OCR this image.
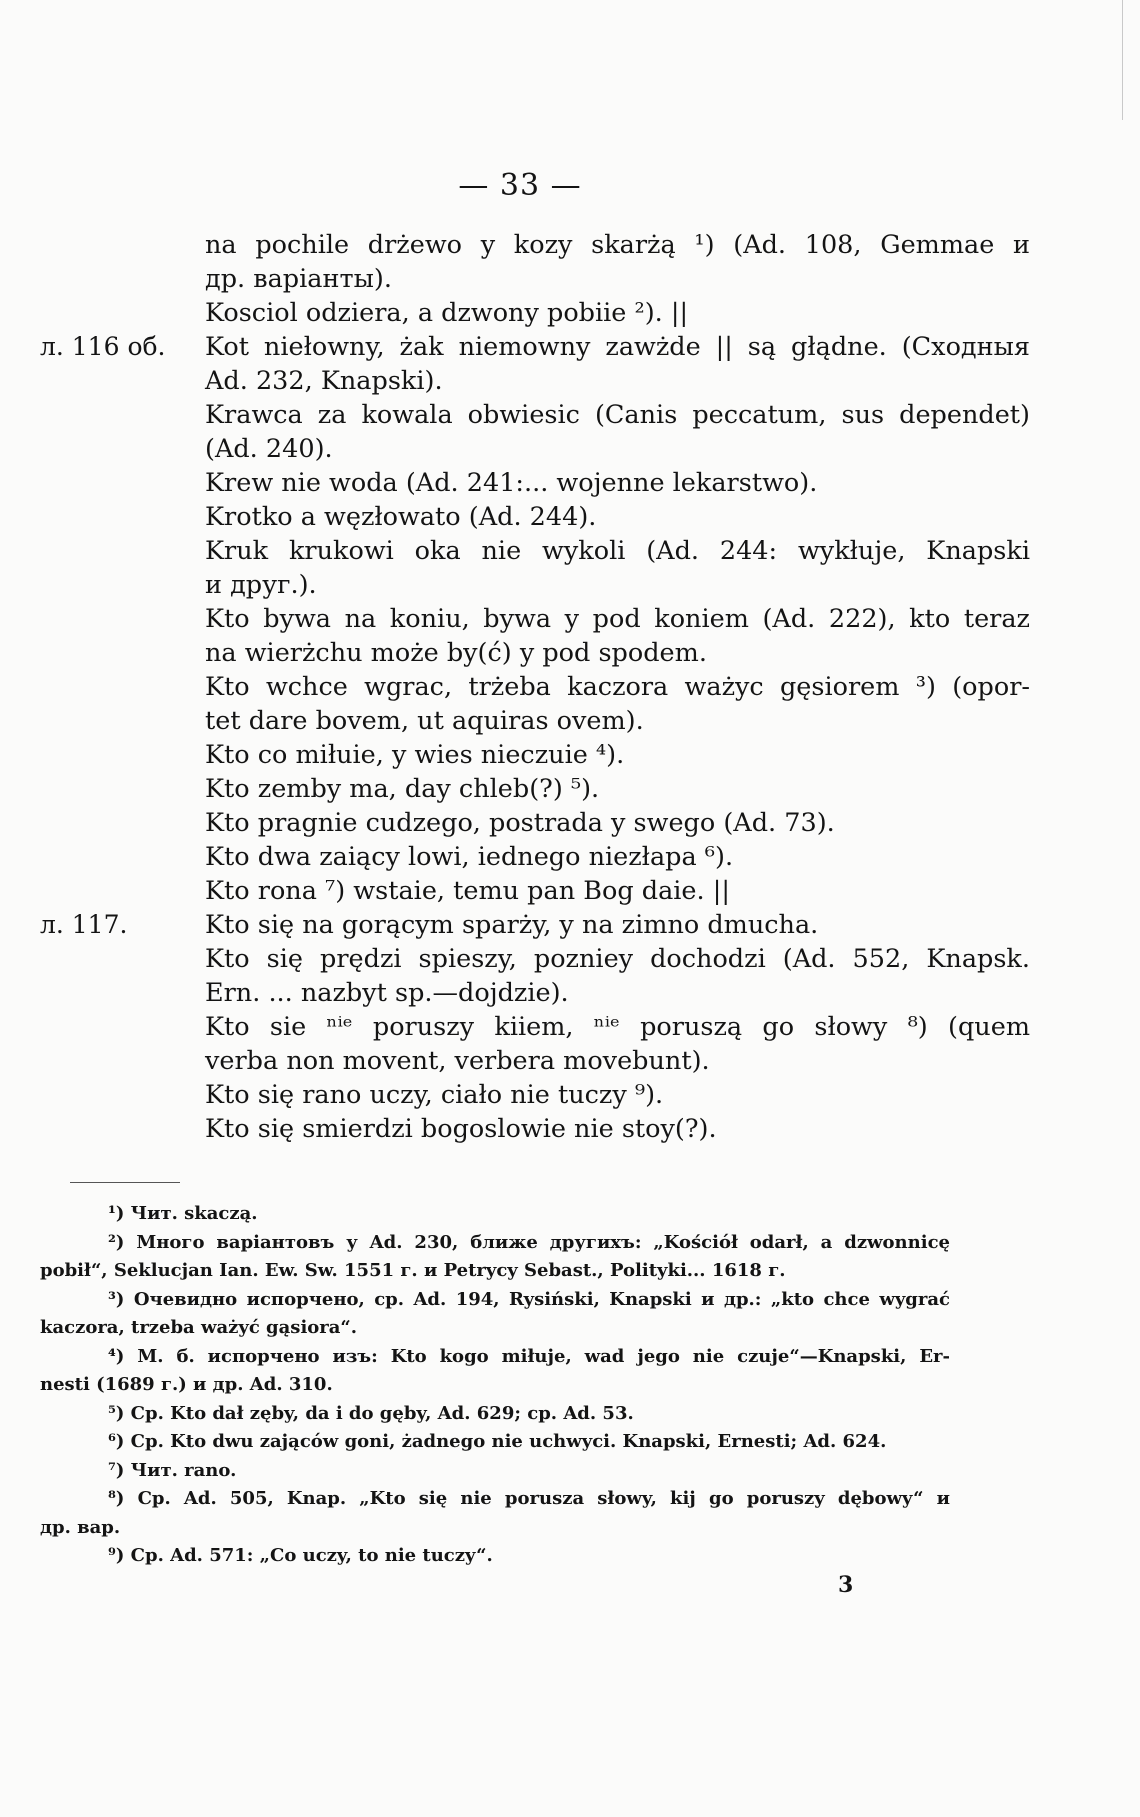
— 33 —
na pochile drżewo y kozy skarżą ¹) (Ad. 108, Gemmae и
др. варіанты).
Kosciol odziera, a dzwony pobiie ²). ||
л. 116 об. Kot niełowny, żak niemowny zawżde || są głądne. (Сходныя
Ad. 232, Knapski).
Krawca za kowala obwiesic (Canis peccatum, sus dependet)
(Ad. 240).
Krew nie woda (Ad. 241:... wojenne lekarstwo).
Krotko a węzłowato (Ad. 244).
Kruk krukowi oka nie wykoli (Ad. 244: wykłuje, Knapski
и друг.).
Kto bywa na koniu, bywa y pod koniem (Ad. 222), kto teraz
na wierżchu może by(ć) y pod spodem.
Kto wchce wgrac, trżeba kaczora ważyc gęsiorem ³) (opor-
tet dare bovem, ut aquiras ovem).
Kto co miłuie, y wies nieczuie ⁴).
Kto zemby ma, day chleb(?) ⁵).
Kto pragnie cudzego, postrada y swego (Ad. 73).
Kto dwa zaiący lowi, iednego niezłapa ⁶).
Kto rona ⁷) wstaie, temu pan Bog daie. ||
л. 117.	Kto się na gorącym sparży, y na zimno dmucha.
Kto się prędzi spieszy, pozniey dochodzi (Ad. 552, Knapsk.
Ern. ... nazbyt sp.—dojdzie).
Kto sie ⁿⁱᵉ poruszy kiiem, ⁿⁱᵉ poruszą go słowy ⁸) (quem
verba non movent, verbera movebunt).
Kto się rano uczy, ciało nie tuczy ⁹).
Kto się smierdzi bogoslowie nie stoy(?).
¹) Чит. skaczą.
²) Много варіантовъ у Ad. 230, ближе другихъ: „Kościół odarł, a dzwonnicę
pobił“, Seklucjan Ian. Ew. Sw. 1551 г. и Petrycy Sebast., Polityki... 1618 г.
³) Очевидно испорчено, ср. Ad. 194, Rysiński, Knapski и др.: „kto chce wygrać
kaczora, trzeba ważyć gąsiora“.
⁴) M. б. испорчено изъ: Kto kogo miłuje, wad jego nie czuje“—Knapski, Er-
nesti (1689 г.) и др. Ad. 310.
⁵) Ср. Kto dał zęby, da i do gęby, Ad. 629; ср. Ad. 53.
⁶) Ср. Kto dwu zająców goni, żadnego nie uchwyci. Knapski, Ernesti; Ad. 624.
⁷) Чит. rano.
⁸) Ср. Ad. 505, Knap. „Kto się nie porusza słowy, kij go poruszy dębowy“ и
др. вар.
⁹) Ср. Ad. 571: „Co uczy, to nie tuczy“.
3
